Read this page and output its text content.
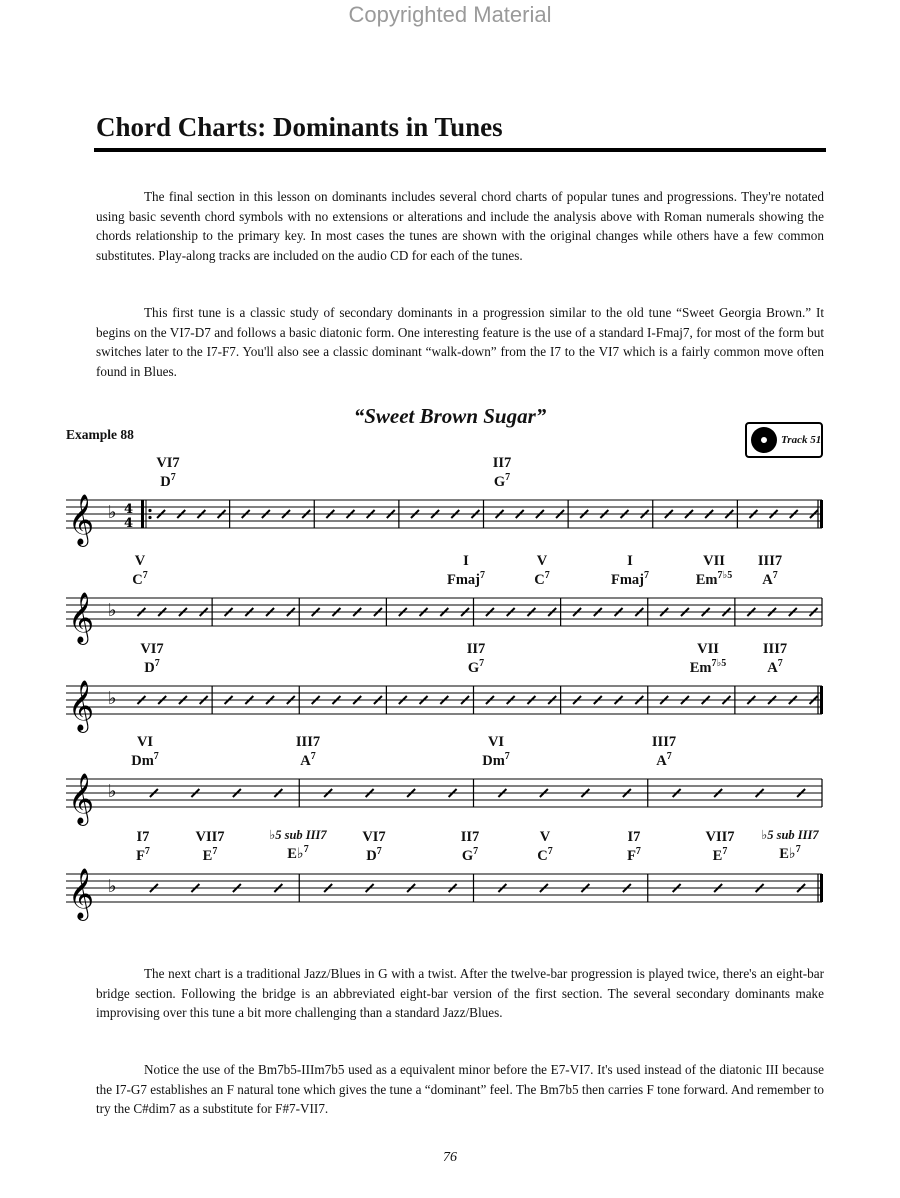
Copyrighted Material
Chord Charts: Dominants in Tunes

The final section in this lesson on dominants includes several chord charts of popular tunes and progressions. They're notated using basic seventh chord symbols with no extensions or alterations and include the analysis above with Roman numerals showing the chords relationship to the primary key. In most cases the tunes are shown with the original changes while others have a few common substitutes. Play-along tracks are included on the audio CD for each of the tunes.

This first tune is a classic study of secondary dominants in a progression similar to the old tune “Sweet Georgia Brown.” It begins on the VI7-D7 and follows a basic diatonic form. One interesting feature is the use of a standard I-Fmaj7, for most of the form but switches later to the I7-F7. You'll also see a classic dominant “walk-down” from the I7 to the VI7 which is a fairly common move often found in Blues.

“Sweet Brown Sugar”
Example 88	Track 51
𝄞 ♭ 4
4
𝄞 ♭
𝄞 ♭
𝄞 ♭
𝄞 ♭
VI7
$D^7$
II7
$G^7$
V
$C^7$
I
Fmaj$^7$
V
$C^7$
I
Fmaj$^7$
VII
$Em^{7♭5}$
III7
$A^7$
VI7
$D^7$
II7
$G^7$
VII
$Em^{7♭5}$
III7
$A^7$
VI
Dm$^7$
III7
$A^7$
VI
Dm$^7$
III7
$A^7$
I7
$F^7$
VII7
$E^7$
♭5 sub III7
E♭$^7$
VI7
$D^7$
II7
$G^7$
V
$C^7$
I7
$F^7$
VII7
$E^7$
♭5 sub III7
E♭$^7$

The next chart is a traditional Jazz/Blues in G with a twist. After the twelve-bar progression is played twice, there's an eight-bar bridge section. Following the bridge is an abbreviated eight-bar version of the first section. The several secondary dominants make improvising over this tune a bit more challenging than a standard Jazz/Blues.

Notice the use of the Bm7b5-IIIm7b5 used as a equivalent minor before the E7-VI7. It's used instead of the diatonic III because the I7-G7 establishes an F natural tone which gives the tune a “dominant” feel. The Bm7b5 then carries F tone forward. And remember to try the C#dim7 as a substitute for F#7-VII7.

76
